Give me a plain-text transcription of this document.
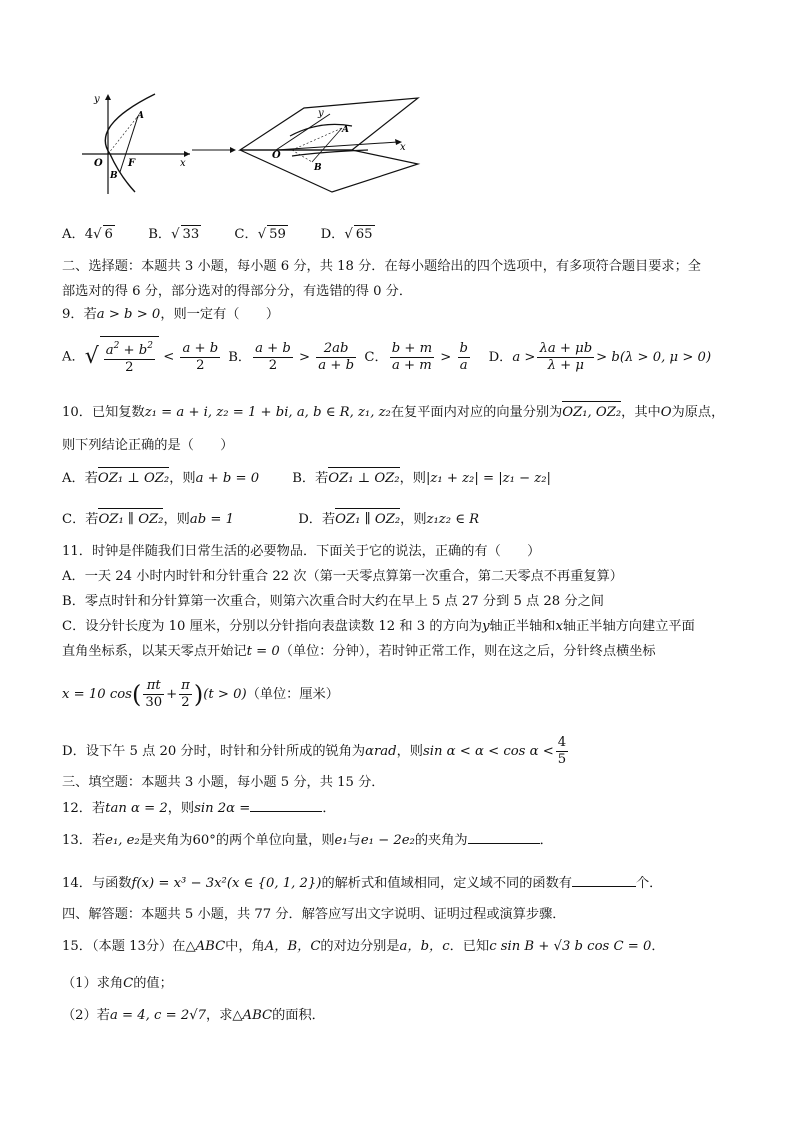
y
O	F	x
A
B
y
O
x
A
B
A．4√ 6	B．√ 33	C．√ 59	D．√ 65
二、选择题：本题共 3 小题，每小题 6 分，共 18 分．在每小题给出的四个选项中，有多项符合题目要求；全
部选对的得 6 分，部分选对的得部分分，有选错的得 0 分．
9．若a > b > 0，则一定有（　　）
A．√ $\frac{a^2 + b^2}{2} < \frac{a + b}{2}$ B． $\frac{a + b}{2} > \frac{2ab}{a + b}$ C． $\frac{b + m}{a + m} > \frac{b}{a}$ D．$a > \frac{\lambda a + \mu b}{\lambda + \mu} > b(\lambda > 0$, μ > 0)
10．已知复数z₁ = a + i, z₂ = 1 + bi, a, b ∈ R, z₁, z₂在复平面内对应的向量分别为OZ₁, OZ₂，其中O为原点，
则下列结论正确的是（　　）
A．若OZ₁ ⊥ OZ₂，则a + b = 0	B．若OZ₁ ⊥ OZ₂，则|z₁ + z₂| = |z₁ − z₂|
C．若OZ₁ ∥ OZ₂，则ab = 1	D．若OZ₁ ∥ OZ₂，则z₁z₂ ∈ R
11．时钟是伴随我们日常生活的必要物品．下面关于它的说法，正确的有（　　）
A．一天 24 小时内时针和分针重合 22 次（第一天零点算第一次重合，第二天零点不再重复算）
B．零点时针和分针算第一次重合，则第六次重合时大约在早上 5 点 27 分到 5 点 28 分之间
C．设分针长度为 10 厘米，分别以分针指向表盘读数 12 和 3 的方向为y轴正半轴和x轴正半轴方向建立平面
直角坐标系，以某天零点开始记t = 0（单位：分钟），若时钟正常工作，则在这之后，分针终点横坐标
x = 10 $\cos( \frac{\pi t}{30} + \frac{\pi}{2} )(t > 0)$（单位：厘米）
D．设下午 5 点 20 分时，时针和分针所成的锐角为αrad，则$\sin \alpha < \alpha < \cos \alpha < \frac{4}{5}$
三、填空题：本题共 3 小题，每小题 5 分，共 15 分．
12．若tan α = 2，则sin 2α =	．
13．若e₁, e₂是夹角为60°的两个单位向量，则e₁与e₁ − 2e₂的夹角为	．
14．与函数f(x) = x³ − 3x²(x ∈ {0, 1, 2})的解析式和值域相同，定义域不同的函数有	个．
四、解答题：本题共 5 小题，共 77 分．解答应写出文字说明、证明过程或演算步骤．
15．（本题 13分）在△ABC中，角A，B，C的对边分别是a，b，c．已知c sin B + √3 b cos C = 0．
（1）求角C的值；
（2）若a = 4, c = 2√7，求△ABC的面积．
